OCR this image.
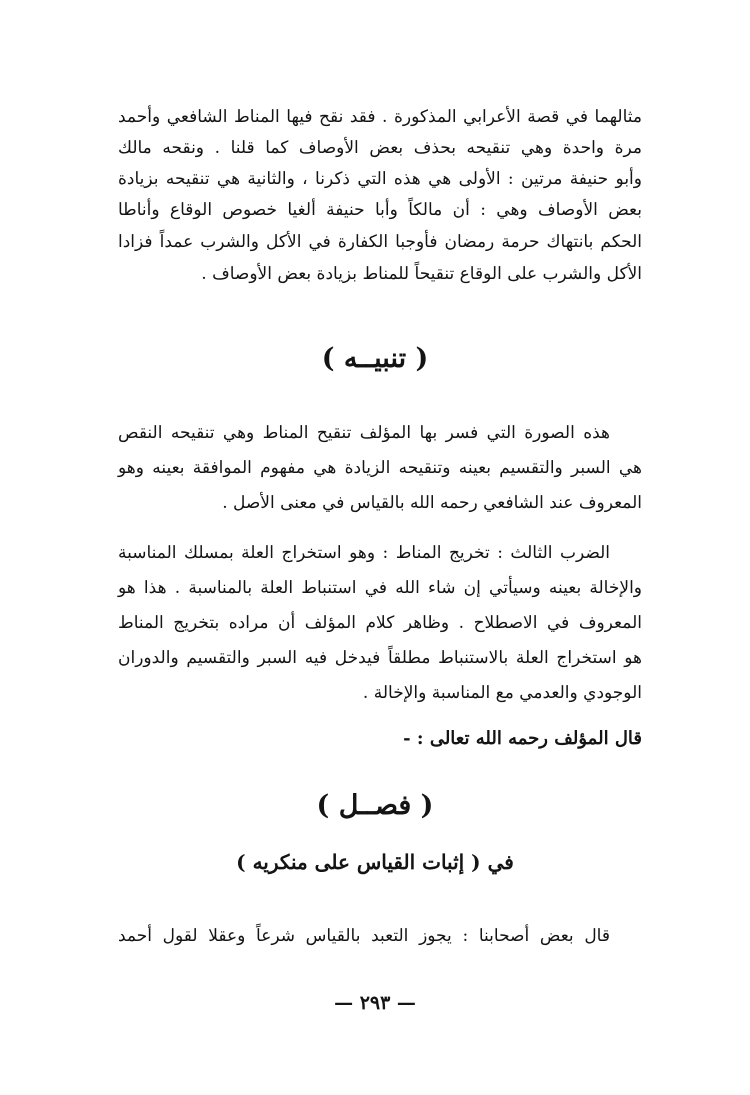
مثالهما في قصة الأعرابي المذكورة . فقد نقح فيها المناط الشافعي وأحمد
مرة واحدة وهي تنقيحه بحذف بعض الأوصاف كما قلنا . ونقحه مالك
وأبو حنيفة مرتين : الأولى هي هذه التي ذكرنا ، والثانية هي تنقيحه بزيادة
بعض الأوصاف وهي : أن مالكاً وأبا حنيفة ألغيا خصوص الوقاع وأناطا
الحكم بانتهاك حرمة رمضان فأوجبا الكفارة في الأكل والشرب عمداً فزادا
الأكل والشرب على الوقاع تنقيحاً للمناط بزيادة بعض الأوصاف .
( تنبيــه )
هذه الصورة التي فسر بها المؤلف تنقيح المناط وهي تنقيحه النقص
هي السبر والتقسيم بعينه وتنقيحه الزيادة هي مفهوم الموافقة بعينه وهو
المعروف عند الشافعي رحمه الله بالقياس في معنى الأصل .
الضرب الثالث : تخريج المناط : وهو استخراج العلة بمسلك المناسبة
والإخالة بعينه وسيأتي إن شاء الله في استنباط العلة بالمناسبة . هذا هو
المعروف في الاصطلاح . وظاهر كلام المؤلف أن مراده بتخريج المناط
هو استخراج العلة بالاستنباط مطلقاً فيدخل فيه السبر والتقسيم والدوران
الوجودي والعدمي مع المناسبة والإخالة .
قال المؤلف رحمه الله تعالى : -
( فصــل )
في ( إثبات القياس على منكريه )
قال بعض أصحابنا : يجوز التعبد بالقياس شرعاً وعقلا لقول أحمد
— ٢٩٣ —
